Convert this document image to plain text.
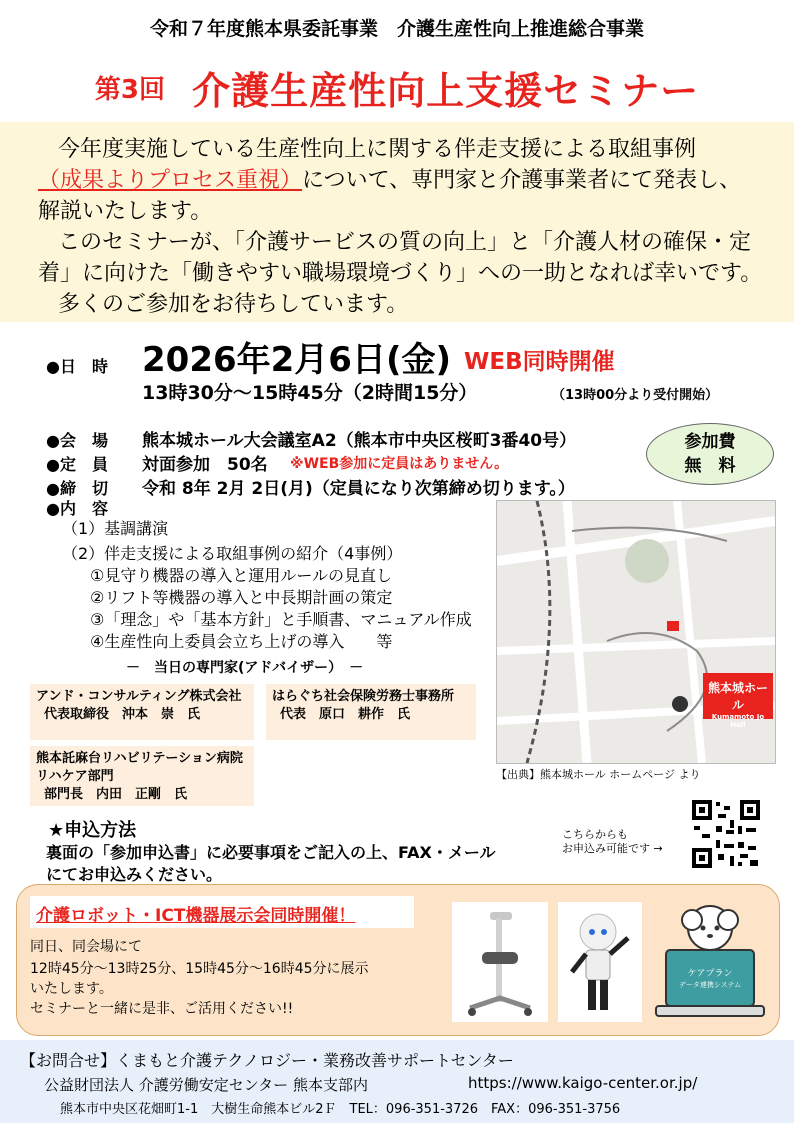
令和７年度熊本県委託事業　介護生産性向上推進総合事業
第3回 介護生産性向上支援セミナー

今年度実施している生産性向上に関する伴走支援による取組事例

（成果よりプロセス重視）について、専門家と介護事業者にて発表し、

解説いたします。

このセミナーが、「介護サービスの質の向上」と「介護人材の確保・定

着」に向けた「働きやすい職場環境づくり」への一助となれば幸いです。

多くのご参加をお待ちしています。

●日　時 2026年2月6日(金) WEB同時開催
13時30分～15時45分（2時間15分）	（13時00分より受付開始）
●会　場 熊本城ホール大会議室A2（熊本市中央区桜町3番40号）
●定　員 対面参加　50名 ※WEB参加に定員はありません。
●締　切 令和 8年 2月 2日(月)（定員になり次第締め切ります。）
●内　容
参加費
無　料
（1）基調講演
（2）伴走支援による取組事例の紹介（4事例）
①見守り機器の導入と運用ルールの見直し
②リフト等機器の導入と中長期計画の策定
③「理念」や「基本方針」と手順書、マニュアル作成
④生産性向上委員会立ち上げの導入　　等
－　当日の専門家(アドバイザー）　－
アンド・コンサルティング株式会社
代表取締役　沖本　崇　氏
はらぐち社会保険労務士事務所
代表　原口　耕作　氏
熊本託麻台リハビリテーション病院
リハケア部門
部門長　内田　正剛　氏
熊本城ホール
Kumamoto Jo Hall
【出典】熊本城ホール ホームページ より
★申込方法
裏面の「参加申込書」に必要事項をご記入の上、FAX・メール
にてお申込みください。
こちらからも
お申込み可能です →
介護ロボット・ICT機器展示会同時開催！
同日、同会場にて
12時45分～13時25分、15時45分～16時45分に展示
いたします。
セミナーと一緒に是非、ご活用ください!!
ケアプラン
データ連携システム
【お問合せ】くまもと介護テクノロジー・業務改善サポートセンター
公益財団法人 介護労働安定センター 熊本支部内	https://www.kaigo-center.or.jp/
熊本市中央区花畑町1-1　大樹生命熊本ビル2Ｆ　TEL：096-351-3726　FAX：096-351-3756
